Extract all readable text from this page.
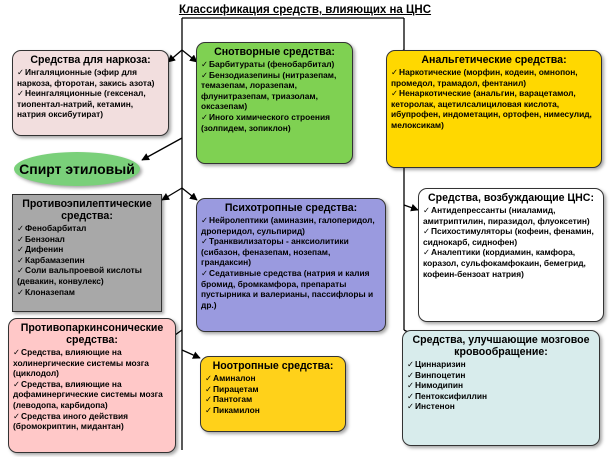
Классификация средств, влияющих на ЦНС
Средства для наркоза:
✓ Ингаляционные (эфир для наркоза, фторотан, закись азота)
✓ Неингаляционные (гексенал, тиопентал-натрий, кетамин, натрия оксибутират)
Снотворные средства:
✓ Барбитураты (фенобарбитал)
✓ Бензодиазепины (нитразепам, темазепам, лоразепам, флунитразепам, триазолам, оксазепам)
✓ Иного химического строения (золпидем, зопиклон)
Анальгетические средства:
✓ Наркотические (морфин, кодеин, омнопон, промедол, трамадол, фентанил)
✓ Ненаркотические (анальгин, варацетамол, кеторолак, ацетилсалициловая кислота, ибупрофен, индометацин, ортофен, нимесулид, мелоксикам)
Спирт этиловый
Противоэпилептические средства:
✓ Фенобарбитал
✓ Бензонал
✓ Дифенин
✓ Карбамазепин
✓ Соли вальпроевой кислоты (девакин, конвулекс)
✓ Клоназепам
Психотропные средства:
✓ Нейролептики (аминазин, галоперидол, дроперидол, сульпирид)
✓ Транквилизаторы - анксиолитики (сибазон, феназепам, нозепам, грандаксин)
✓ Седативные средства (натрия и калия бромид, бромкамфора, препараты пустырника и валерианы, пассифлоры и др.)
Средства, возбуждающие ЦНС:
✓ Антидепрессанты (ниаламид, амитриптилин, пиразидол, флуоксетин)
✓ Психостимуляторы (кофеин, фенамин, сиднокарб, сиднофен)
✓ Аналептики (кордиамин, камфора, коразол, сульфокамфокаин, бемегрид, кофеин-бензоат натрия)
Противопаркинсонические средства:
✓ Средства, влияющие на холинергические системы мозга (циклодол)
✓ Средства, влияющие на дофаминергические системы мозга (леводопа, карбидопа)
✓ Средства иного действия (бромокриптин, мидантан)
Ноотропные средства:
✓ Аминалон
✓ Пирацетам
✓ Пантогам
✓ Пикамилон
Средства, улучшающие мозговое кровообращение:
✓ Циннаризин
✓ Винпоцетин
✓ Нимодипин
✓ Пентоксифиллин
✓ Инстенон
